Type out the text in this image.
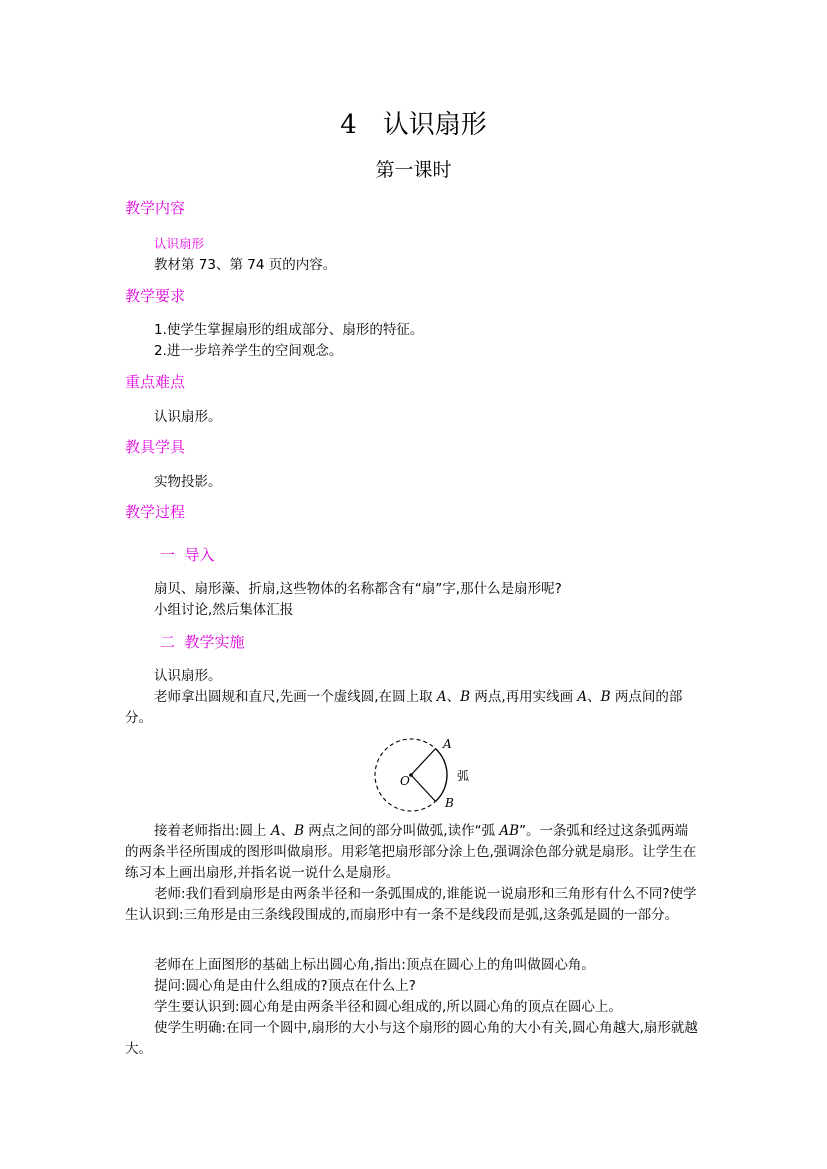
4 认识扇形
第一课时
教学内容
认识扇形
教材第 73、第 74 页的内容。
教学要求
1.使学生掌握扇形的组成部分、扇形的特征。
2.进一步培养学生的空间观念。
重点难点
认识扇形。
教具学具
实物投影。
教学过程
一  导入
扇贝、扇形藻、折扇,这些物体的名称都含有“扇”字,那什么是扇形呢?
小组讨论,然后集体汇报
二  教学实施
认识扇形。
老师拿出圆规和直尺,先画一个虚线圆,在圆上取 A、B 两点,再用实线画 A、B 两点间的部分。
A
B
O	弧
接着老师指出:圆上 A、B 两点之间的部分叫做弧,读作“弧 AB”。一条弧和经过这条弧两端的两条半径所围成的图形叫做扇形。用彩笔把扇形部分涂上色,强调涂色部分就是扇形。让学生在练习本上画出扇形,并指名说一说什么是扇形。
老师:我们看到扇形是由两条半径和一条弧围成的,谁能说一说扇形和三角形有什么不同?使学生认识到:三角形是由三条线段围成的,而扇形中有一条不是线段而是弧,这条弧是圆的一部分。
老师在上面图形的基础上标出圆心角,指出:顶点在圆心上的角叫做圆心角。
提问:圆心角是由什么组成的?顶点在什么上?
学生要认识到:圆心角是由两条半径和圆心组成的,所以圆心角的顶点在圆心上。
使学生明确:在同一个圆中,扇形的大小与这个扇形的圆心角的大小有关,圆心角越大,扇形就越大。
